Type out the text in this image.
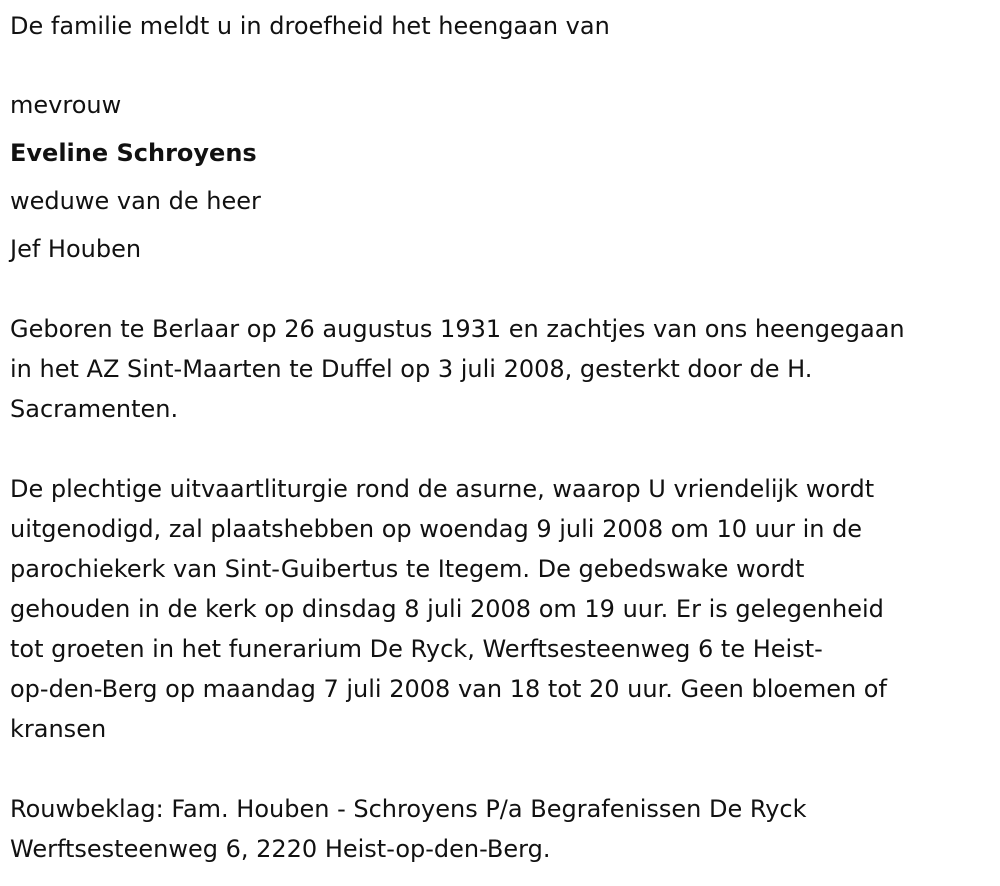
De familie meldt u in droefheid het heengaan van
mevrouw
Eveline Schroyens
weduwe van de heer
Jef Houben
Geboren te Berlaar op 26 augustus 1931 en zachtjes van ons heengegaan
in het AZ Sint-Maarten te Duffel op 3 juli 2008, gesterkt door de H.
Sacramenten.
De plechtige uitvaartliturgie rond de asurne, waarop U vriendelijk wordt
uitgenodigd, zal plaatshebben op woendag 9 juli 2008 om 10 uur in de
parochiekerk van Sint-Guibertus te Itegem. De gebedswake wordt
gehouden in de kerk op dinsdag 8 juli 2008 om 19 uur. Er is gelegenheid
tot groeten in het funerarium De Ryck, Werftsesteenweg 6 te Heist-
op-den-Berg op maandag 7 juli 2008 van 18 tot 20 uur. Geen bloemen of
kransen
Rouwbeklag: Fam. Houben - Schroyens P/a Begrafenissen De Ryck
Werftsesteenweg 6, 2220 Heist-op-den-Berg.
